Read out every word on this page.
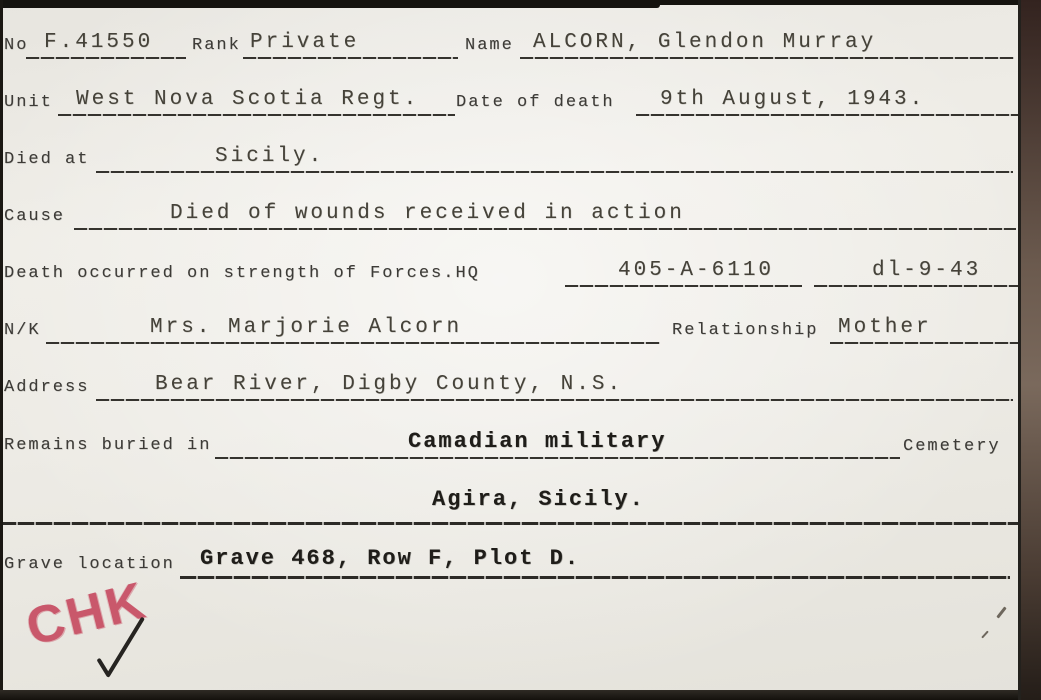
No F.41550 Rank Private	Name ALCORN, Glendon Murray
Unit West Nova Scotia Regt. Date of death 9th August, 1943.
Died at	Sicily.
Cause	Died of wounds received in action
Death occurred on strength of Forces.HQ	405-A-6110	dl-9-43
N/K	Mrs. Marjorie Alcorn	Relationship Mother
Address	Bear River, Digby County, N.S.
Remains buried in	Camadian military	Cemetery
Agira, Sicily.
Grave location Grave 468, Row F, Plot D.
CHK
